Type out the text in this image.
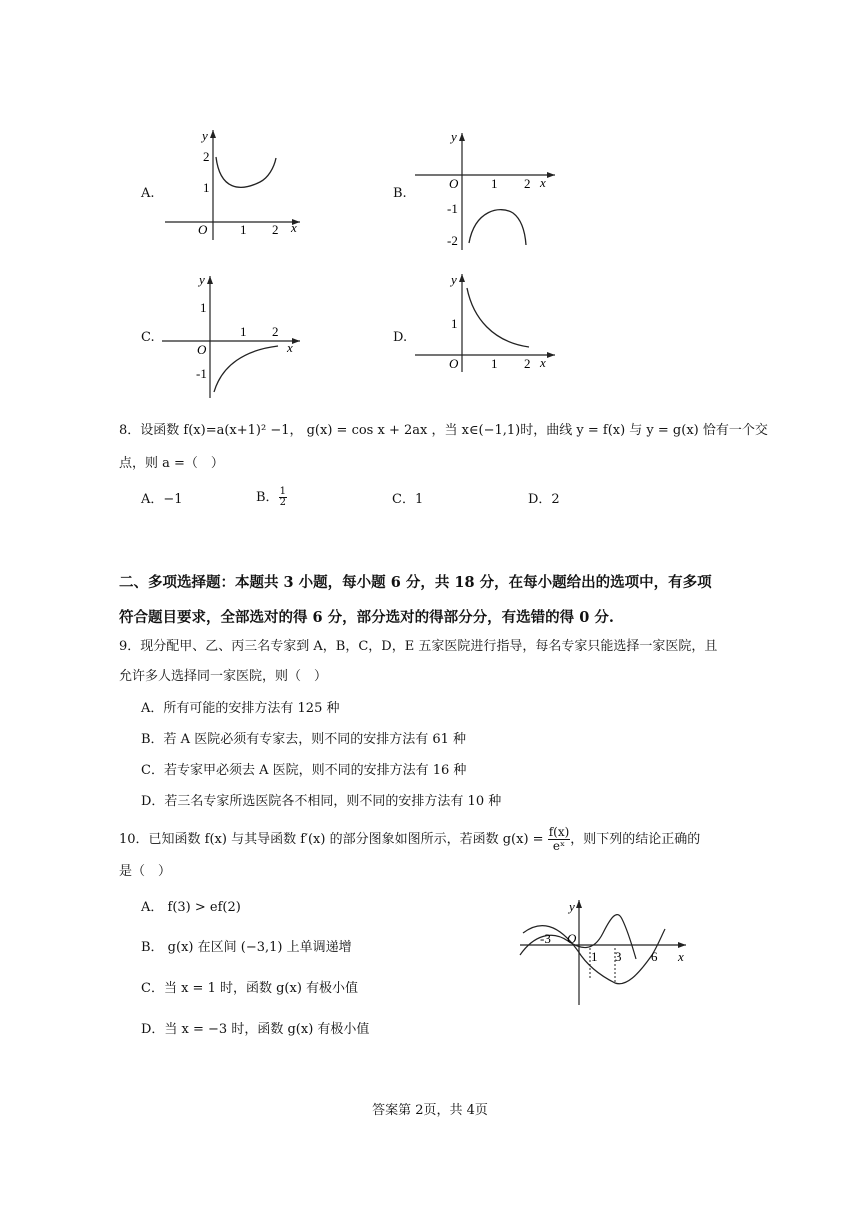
A.
y
x
O	1 2
1
2
B.
y
x
O	1 2
-1
-2
C.
y
x
O
1 2
1
-1
D.
y
x
O	1 2
1
8．设函数 f(x)=a(x+1)² −1， g(x) = cos x + 2ax ，当 x∈(−1,1)时，曲线 y = f(x) 与 y = g(x) 恰有一个交
点，则 a =（　）
A．−1	B． $\frac{1}{2}$	C．1	D．2
二、多项选择题：本题共 3 小题，每小题 6 分，共 18 分，在每小题给出的选项中，有多项
符合题目要求，全部选对的得 6 分，部分选对的得部分分，有选错的得 0 分.
9．现分配甲、乙、丙三名专家到 A，B，C，D，E 五家医院进行指导，每名专家只能选择一家医院，且
允许多人选择同一家医院，则（　）
A．所有可能的安排方法有 125 种
B．若 A 医院必须有专家去，则不同的安排方法有 61 种
C．若专家甲必须去 A 医院，则不同的安排方法有 16 种
D．若三名专家所选医院各不相同，则不同的安排方法有 10 种
10．已知函数 f(x) 与其导函数 f′(x) 的部分图象如图所示，若函数 $g(x) = \frac{f(x)}{\text{eˣ}}$ ，则下列的结论正确的
是（　）
A． f(3) > ef(2)
B． g(x) 在区间 (−3,1) 上单调递增
C．当 x = 1 时，函数 g(x) 有极小值
D．当 x = −3 时，函数 g(x) 有极小值
y
x
O
-3
1 3 6
答案第 2页，共 4页
